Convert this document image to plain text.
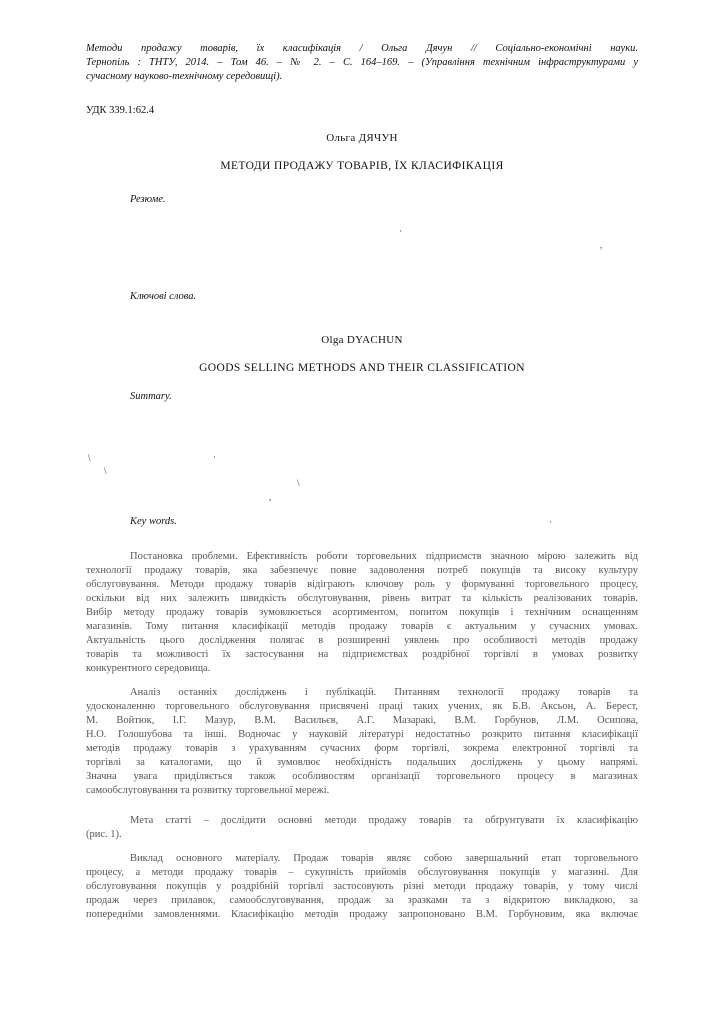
Методи продажу товарів, їх класифікація / Ольга Дячун // Соціально-економічні науки.
Тернопіль : ТНТУ, 2014. – Том 46. – № 2. – С. 164–169. – (Управління технічним інфраструктурами у
сучасному науково-технічному середовищі).
УДК 339.1:62.4
Ольга ДЯЧУН
МЕТОДИ ПРОДАЖУ ТОВАРІВ, ЇХ КЛАСИФІКАЦІЯ
Резюме.
·
,
Ключові слова.
Olga DYACHUN
GOODS SELLING METHODS AND THEIR CLASSIFICATION
Summary.
·
\
\
\
,
Key words.	·
Постановка проблеми. Ефективність роботи торговельних підприємств значною мірою залежить від
технології продажу товарів, яка забезпечує повне задоволення потреб покупців та високу культуру
обслуговування. Методи продажу товарів відіграють ключову роль у формуванні торговельного процесу,
оскільки від них залежить швидкість обслуговування, рівень витрат та кількість реалізованих товарів.
Вибір методу продажу товарів зумовлюється асортиментом, попитом покупців і технічним оснащенням
магазинів. Тому питання класифікації методів продажу товарів є актуальним у сучасних умовах.
Актуальність цього дослідження полягає в розширенні уявлень про особливості методів продажу
товарів та можливості їх застосування на підприємствах роздрібної торгівлі в умовах розвитку
конкурентного середовища.
Аналіз останніх досліджень і публікацій. Питанням технології продажу товарів та
удосконаленню торговельного обслуговування присвячені праці таких учених, як Б.В. Аксьон, А. Берест,
М. Войтюк, І.Г. Мазур, В.М. Васильєв, А.Г. Мазаракі, В.М. Горбунов, Л.М. Осипова,
Н.О. Голошубова та інші. Водночас у науковій літературі недостатньо розкрито питання класифікації
методів продажу товарів з урахуванням сучасних форм торгівлі, зокрема електронної торгівлі та
торгівлі за каталогами, що й зумовлює необхідність подальших досліджень у цьому напрямі.
Значна увага приділяється також особливостям організації торговельного процесу в магазинах
самообслуговування та розвитку торговельної мережі.
Мета статті – дослідити основні методи продажу товарів та обґрунтувати їх класифікацію
(рис. 1).
Виклад основного матеріалу. Продаж товарів являє собою завершальний етап торговельного
процесу, а методи продажу товарів – сукупність прийомів обслуговування покупців у магазині. Для
обслуговування покупців у роздрібній торгівлі застосовують різні методи продажу товарів, у тому числі
продаж через прилавок, самообслуговування, продаж за зразками та з відкритою викладкою, за
попередніми замовленнями. Класифікацію методів продажу запропоновано В.М. Горбуновим, яка включає
